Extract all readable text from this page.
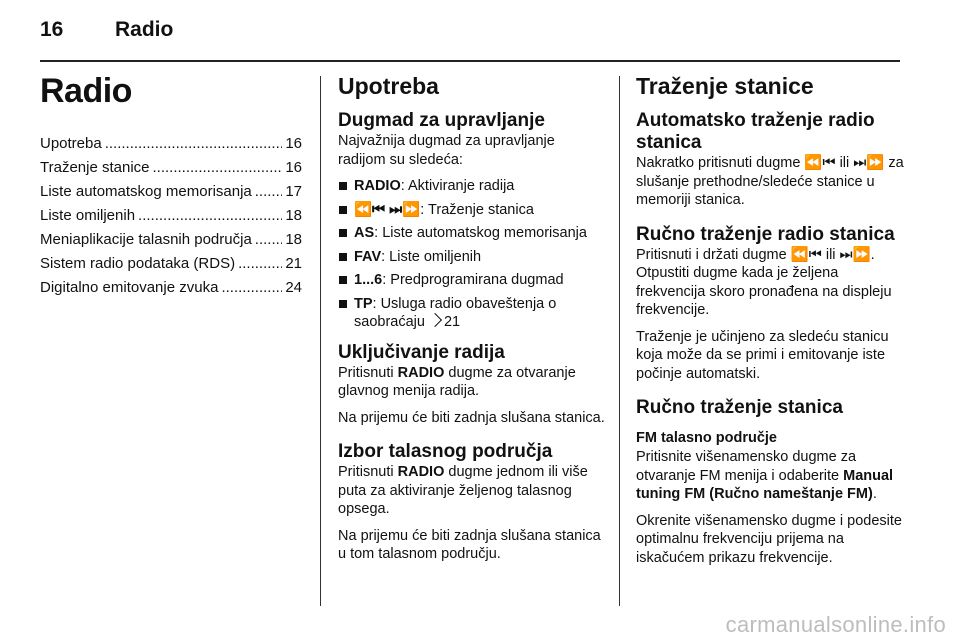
16 Radio
Radio
Upotreba .....	16
Traženje stanice .....	16
Liste automatskog memorisanja ..... 17
Liste omiljenih .....	18
Meniaplikacije talasnih područja ..... 18
Sistem radio podataka (RDS) .....	21
Digitalno emitovanje zvuka .....	24
Upotreba
Dugmad za upravljanje

Najvažnija dugmad za upravljanje radijom su sledeća:

RADIO: Aktiviranje radija
⏪⏮ ⏭⏩: Traženje stanica
AS: Liste automatskog memorisanja
FAV: Liste omiljenih
1...6: Predprogramirana dugmad
TP: Usluga radio obaveštenja o saobraćaju 21
Uključivanje radija

Pritisnuti RADIO dugme za otvaranje glavnog menija radija.

Na prijemu će biti zadnja slušana stanica.

Izbor talasnog područja

Pritisnuti RADIO dugme jednom ili više puta za aktiviranje željenog talasnog opsega.

Na prijemu će biti zadnja slušana stanica u tom talasnom području.

Traženje stanice
Automatsko traženje radio stanica

Nakratko pritisnuti dugme ⏪⏮ ili ⏭⏩ za slušanje prethodne/sledeće stanice u memoriji stanica.

Ručno traženje radio stanica

Pritisnuti i držati dugme ⏪⏮ ili ⏭⏩. Otpustiti dugme kada je željena frekvencija skoro pronađena na displeju frekvencije.

Traženje je učinjeno za sledeću stanicu koja može da se primi i emitovanje iste počinje automatski.

Ručno traženje stanica
FM talasno područje

Pritisnite višenamensko dugme za otvaranje FM menija i odaberite Manual tuning FM (Ručno nameštanje FM).

Okrenite višenamensko dugme i podesite optimalnu frekvenciju prijema na iskačućem prikazu frekvencije.

carmanualsonline.info
